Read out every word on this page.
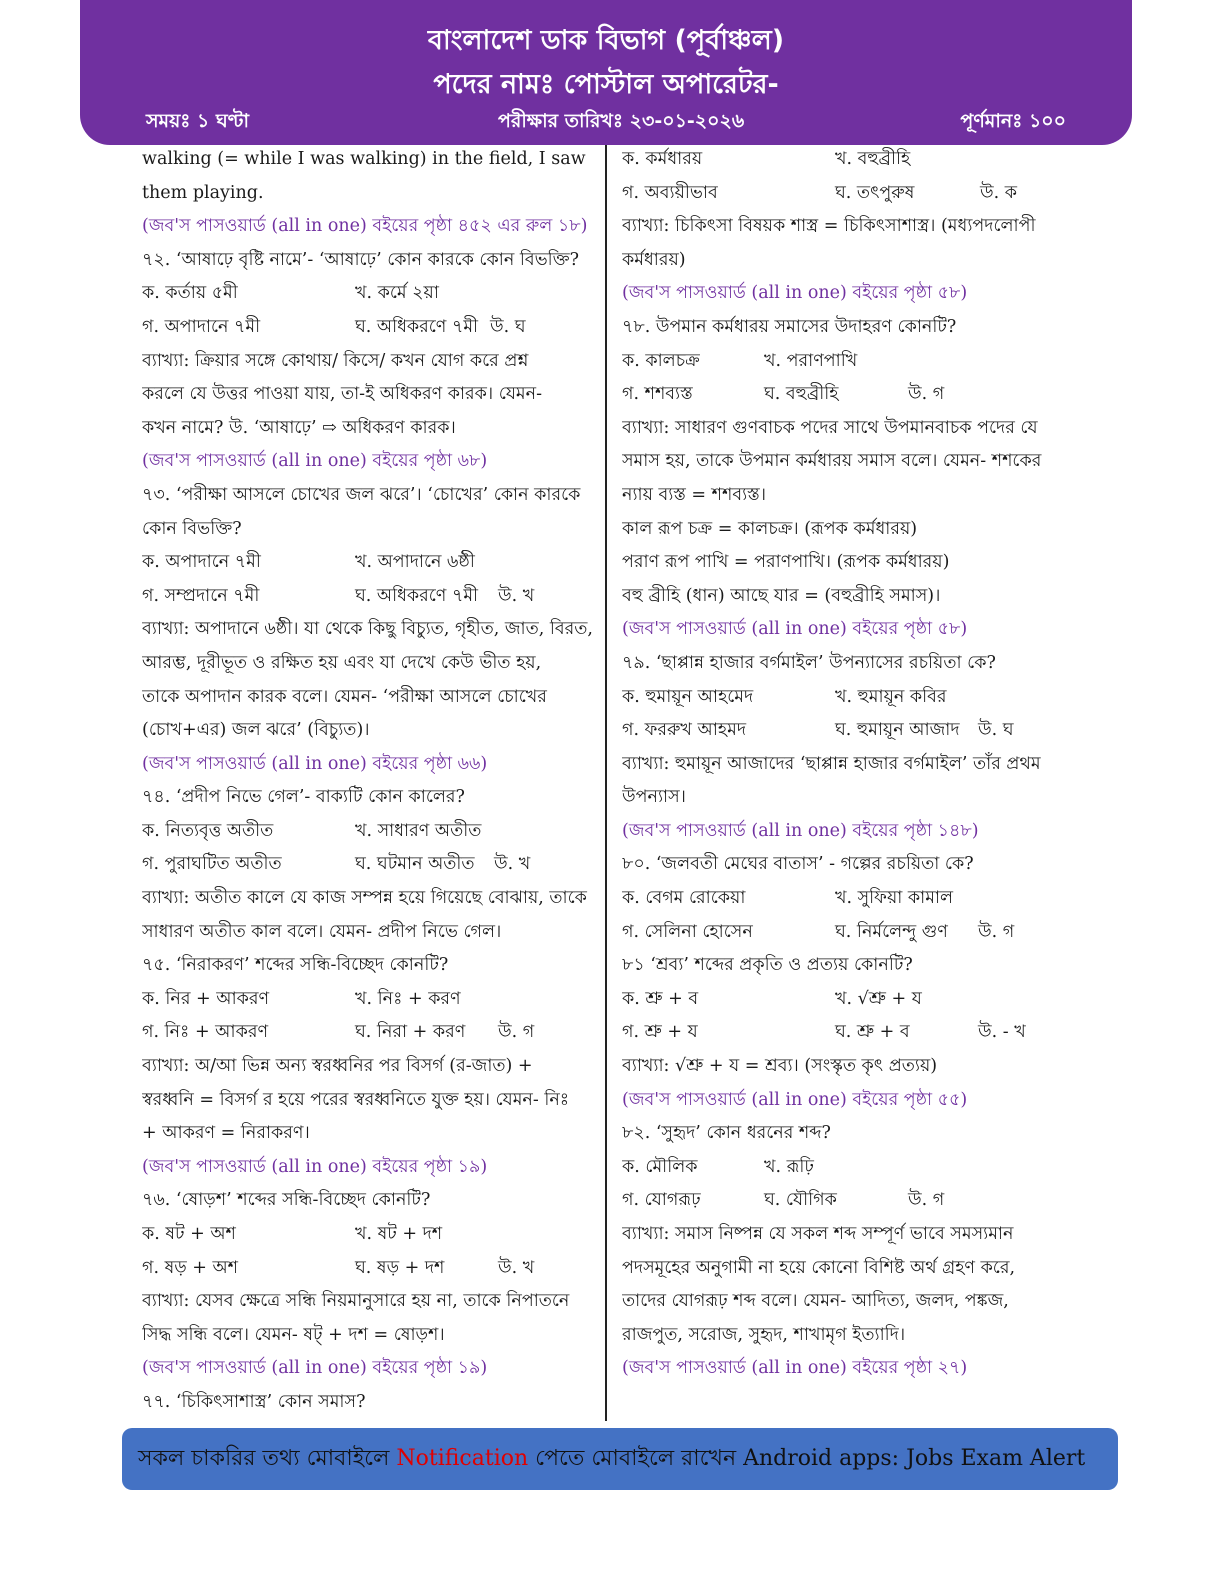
বাংলাদেশ ডাক বিভাগ (পূর্বাঞ্চল)
পদের নামঃ পোস্টাল অপারেটর-
সময়ঃ ১ ঘণ্টা	পরীক্ষার তারিখঃ ২৩-০১-২০২৬	পূর্ণমানঃ ১০০
walking (= while I was walking) in the field, I saw
them playing.
(জব'স পাসওয়ার্ড (all in one) বইয়ের পৃষ্ঠা ৪৫২ এর রুল ১৮)
৭২. ‘আষাঢ়ে বৃষ্টি নামে’- ‘আষাঢ়ে’ কোন কারকে কোন বিভক্তি?
ক. কর্তায় ৫মী	খ. কর্মে ২য়া
গ. অপাদানে ৭মী	ঘ. অধিকরণে ৭মী উ. ঘ
ব্যাখ্যা: ক্রিয়ার সঙ্গে কোথায়/ কিসে/ কখন যোগ করে প্রশ্ন
করলে যে উত্তর পাওয়া যায়, তা-ই অধিকরণ কারক। যেমন-
কখন নামে? উ. ‘আষাঢ়ে’ ⇨ অধিকরণ কারক।
(জব'স পাসওয়ার্ড (all in one) বইয়ের পৃষ্ঠা ৬৮)
৭৩. ‘পরীক্ষা আসলে চোখের জল ঝরে’। ‘চোখের’ কোন কারকে
কোন বিভক্তি?
ক. অপাদানে ৭মী	খ. অপাদানে ৬ষ্ঠী
গ. সম্প্রদানে ৭মী	ঘ. অধিকরণে ৭মী উ. খ
ব্যাখ্যা: অপাদানে ৬ষ্ঠী। যা থেকে কিছু বিচ্যুত, গৃহীত, জাত, বিরত,
আরম্ভ, দূরীভূত ও রক্ষিত হয় এবং যা দেখে কেউ ভীত হয়,
তাকে অপাদান কারক বলে। যেমন- ‘পরীক্ষা আসলে চোখের
(চোখ+এর) জল ঝরে’ (বিচ্যুত)।
(জব'স পাসওয়ার্ড (all in one) বইয়ের পৃষ্ঠা ৬৬)
৭৪. ‘প্রদীপ নিভে গেল’- বাক্যটি কোন কালের?
ক. নিত্যবৃত্ত অতীত	খ. সাধারণ অতীত
গ. পুরাঘটিত অতীত	ঘ. ঘটমান অতীত উ. খ
ব্যাখ্যা: অতীত কালে যে কাজ সম্পন্ন হয়ে গিয়েছে বোঝায়, তাকে
সাধারণ অতীত কাল বলে। যেমন- প্রদীপ নিভে গেল।
৭৫. ‘নিরাকরণ’ শব্দের সন্ধি-বিচ্ছেদ কোনটি?
ক. নির + আকরণ	খ. নিঃ + করণ
গ. নিঃ + আকরণ	ঘ. নিরা + করণ উ. গ
ব্যাখ্যা: অ/আ ভিন্ন অন্য স্বরধ্বনির পর বিসর্গ (র-জাত) +
স্বরধ্বনি = বিসর্গ র হয়ে পরের স্বরধ্বনিতে যুক্ত হয়। যেমন- নিঃ
+ আকরণ = নিরাকরণ।
(জব'স পাসওয়ার্ড (all in one) বইয়ের পৃষ্ঠা ১৯)
৭৬. ‘ষোড়শ’ শব্দের সন্ধি-বিচ্ছেদ কোনটি?
ক. ষট + অশ	খ. ষট + দশ
গ. ষড় + অশ	ঘ. ষড় + দশ	উ. খ
ব্যাখ্যা: যেসব ক্ষেত্রে সন্ধি নিয়মানুসারে হয় না, তাকে নিপাতনে
সিদ্ধ সন্ধি বলে। যেমন- ষট্ + দশ = ষোড়শ।
(জব'স পাসওয়ার্ড (all in one) বইয়ের পৃষ্ঠা ১৯)
৭৭. ‘চিকিৎসাশাস্ত্র’ কোন সমাস?
ক. কর্মধারয়	খ. বহুব্রীহি
গ. অব্যয়ীভাব	ঘ. তৎপুরুষ	উ. ক
ব্যাখ্যা: চিকিৎসা বিষয়ক শাস্ত্র = চিকিৎসাশাস্ত্র। (মধ্যপদলোপী
কর্মধারয়)
(জব'স পাসওয়ার্ড (all in one) বইয়ের পৃষ্ঠা ৫৮)
৭৮. উপমান কর্মধারয় সমাসের উদাহরণ কোনটি?
ক. কালচক্র	খ. পরাণপাখি
গ. শশব্যস্ত	ঘ. বহুব্রীহি	উ. গ
ব্যাখ্যা: সাধারণ গুণবাচক পদের সাথে উপমানবাচক পদের যে
সমাস হয়, তাকে উপমান কর্মধারয় সমাস বলে। যেমন- শশকের
ন্যায় ব্যস্ত = শশব্যস্ত।
কাল রূপ চক্র = কালচক্র। (রূপক কর্মধারয়)
পরাণ রূপ পাখি = পরাণপাখি। (রূপক কর্মধারয়)
বহু ব্রীহি (ধান) আছে যার = (বহুব্রীহি সমাস)।
(জব'স পাসওয়ার্ড (all in one) বইয়ের পৃষ্ঠা ৫৮)
৭৯. ‘ছাপ্পান্ন হাজার বর্গমাইল’ উপন্যাসের রচয়িতা কে?
ক. হুমায়ূন আহমেদ	খ. হুমায়ূন কবির
গ. ফররুখ আহমদ	ঘ. হুমায়ূন আজাদ উ. ঘ
ব্যাখ্যা: হুমায়ূন আজাদের ‘ছাপ্পান্ন হাজার বর্গমাইল’ তাঁর প্রথম
উপন্যাস।
(জব'স পাসওয়ার্ড (all in one) বইয়ের পৃষ্ঠা ১৪৮)
৮০. ‘জলবতী মেঘের বাতাস’ - গল্পের রচয়িতা কে?
ক. বেগম রোকেয়া	খ. সুফিয়া কামাল
গ. সেলিনা হোসেন	ঘ. নির্মলেন্দু গুণ উ. গ
৮১ ‘শ্রব্য’ শব্দের প্রকৃতি ও প্রত্যয় কোনটি?
ক. শ্রু + ব	খ. √শ্রু + য
গ. শ্রু + য	ঘ. শ্রু + ব	উ. - খ
ব্যাখ্যা: √শ্রু + য = শ্রব্য। (সংস্কৃত কৃৎ প্রত্যয়)
(জব'স পাসওয়ার্ড (all in one) বইয়ের পৃষ্ঠা ৫৫)
৮২. ‘সুহৃদ’ কোন ধরনের শব্দ?
ক. মৌলিক	খ. রূঢ়ি
গ. যোগরূঢ়	ঘ. যৌগিক	উ. গ
ব্যাখ্যা: সমাস নিষ্পন্ন যে সকল শব্দ সম্পূর্ণ ভাবে সমস্যমান
পদসমূহের অনুগামী না হয়ে কোনো বিশিষ্ট অর্থ গ্রহণ করে,
তাদের যোগরূঢ় শব্দ বলে। যেমন- আদিত্য, জলদ, পঙ্কজ,
রাজপুত, সরোজ, সুহৃদ, শাখামৃগ ইত্যাদি।
(জব'স পাসওয়ার্ড (all in one) বইয়ের পৃষ্ঠা ২৭)
সকল চাকরির তথ্য মোবাইলে Notification পেতে মোবাইলে রাখেন Android apps: Jobs Exam Alert
